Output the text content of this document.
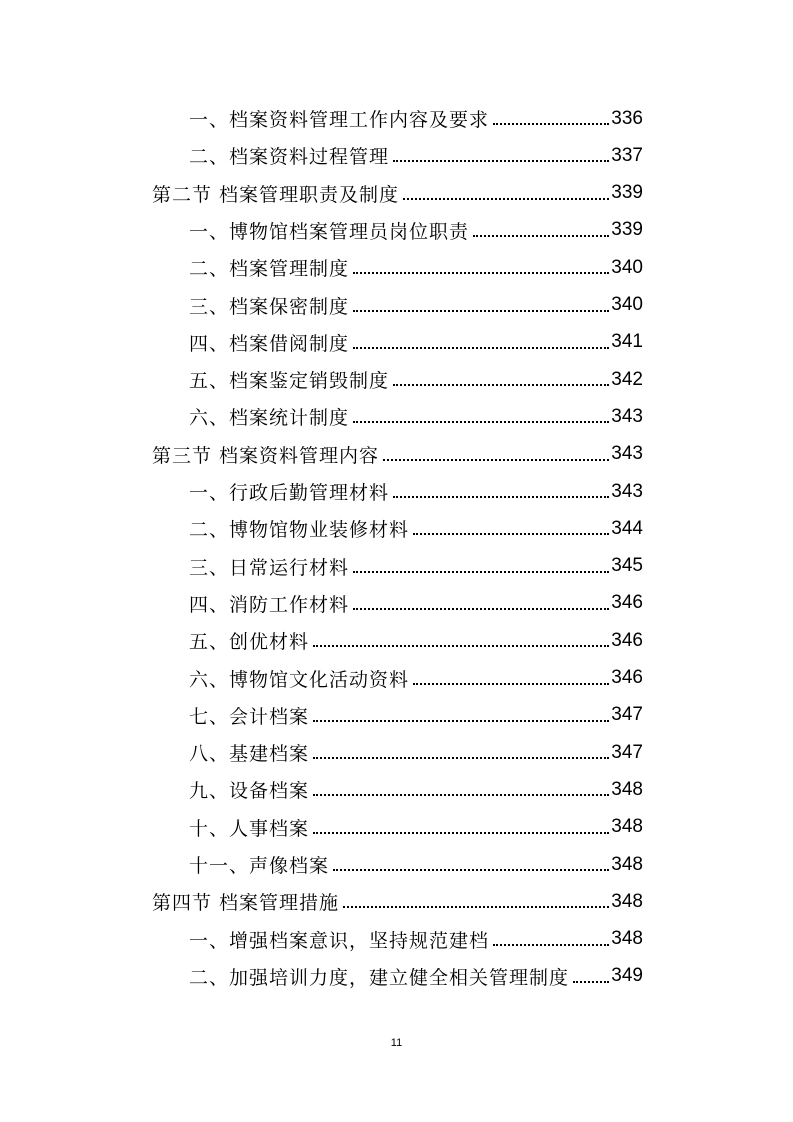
一、档案资料管理工作内容及要求	336
二、档案资料过程管理	337
第二节 档案管理职责及制度	339
一、博物馆档案管理员岗位职责	339
二、档案管理制度	340
三、档案保密制度	340
四、档案借阅制度	341
五、档案鉴定销毁制度	342
六、档案统计制度	343
第三节 档案资料管理内容	343
一、行政后勤管理材料	343
二、博物馆物业装修材料	344
三、日常运行材料	345
四、消防工作材料	346
五、创优材料	346
六、博物馆文化活动资料	346
七、会计档案	347
八、基建档案	347
九、设备档案	348
十、人事档案	348
十一、声像档案	348
第四节 档案管理措施	348
一、增强档案意识，坚持规范建档	348
二、加强培训力度，建立健全相关管理制度 349
11
